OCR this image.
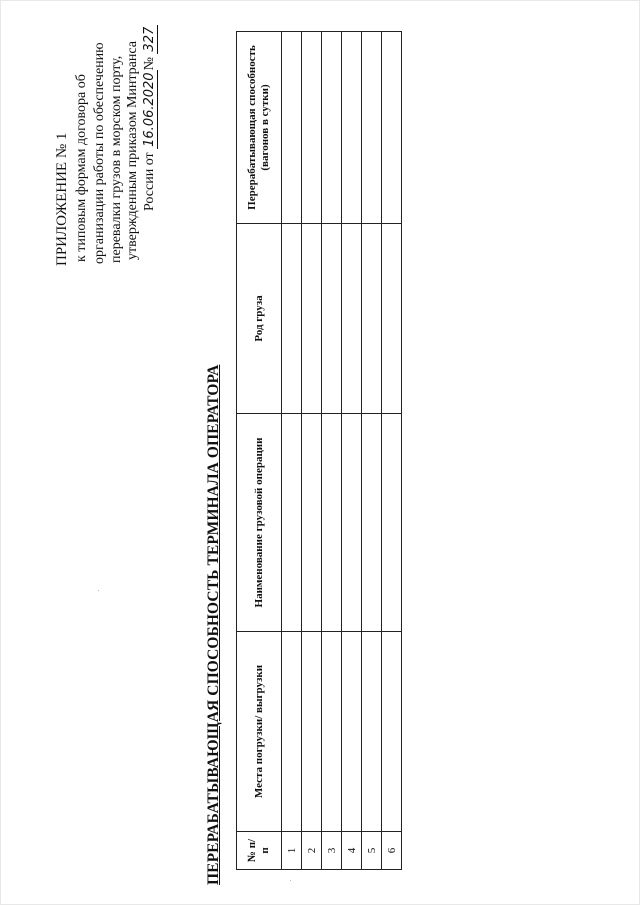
ПРИЛОЖЕНИЕ № 1 к типовым формам договора об организации работы по обеспечению перевалки грузов в морском порту, утвержденным приказом Минтранса России от 16.06.2020№ 327
ПЕРЕРАБАТЫВАЮЩАЯ СПОСОБНОСТЬ ТЕРМИНАЛА ОПЕРАТОРА № п/п	Места погрузки/ выгрузки	Наименование грузовой операции	Род груза	Перерабатывающая способность (вагонов в сутки)
1				
2				
3				
4				
5				
6				
